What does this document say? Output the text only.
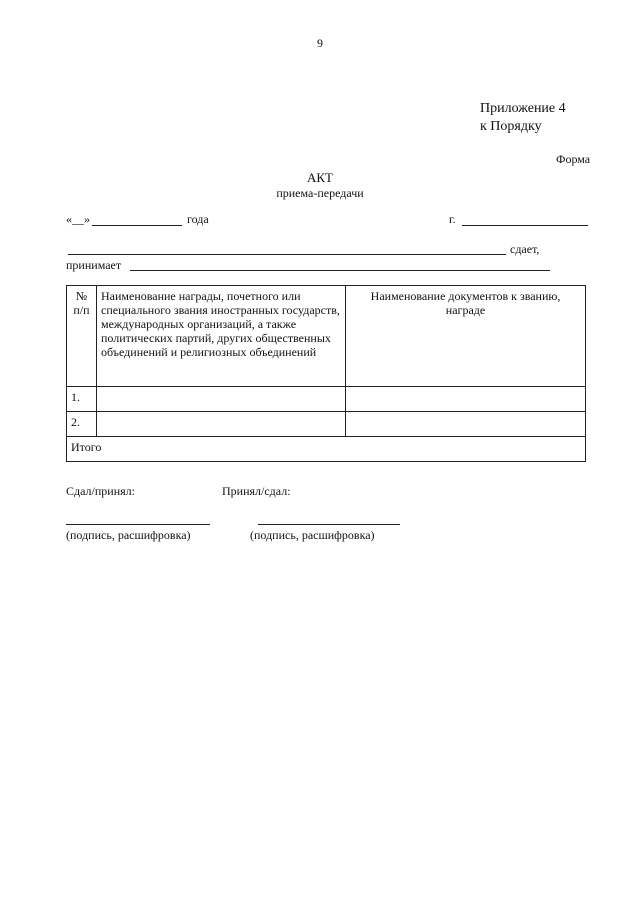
9
Приложение 4
к Порядку
Форма
АКТ
приема-передачи
«__»	года	г.
сдает,
принимает
№
п/п	Наименование награды, почетного или специального звания иностранных государств, международных организаций, а также политических партий, других общественных объединений и религиозных объединений	Наименование документов к званию, награде
1.		
2.		
Итого		
Сдал/принял:	Принял/сдал:
(подпись, расшифровка)	(подпись, расшифровка)
